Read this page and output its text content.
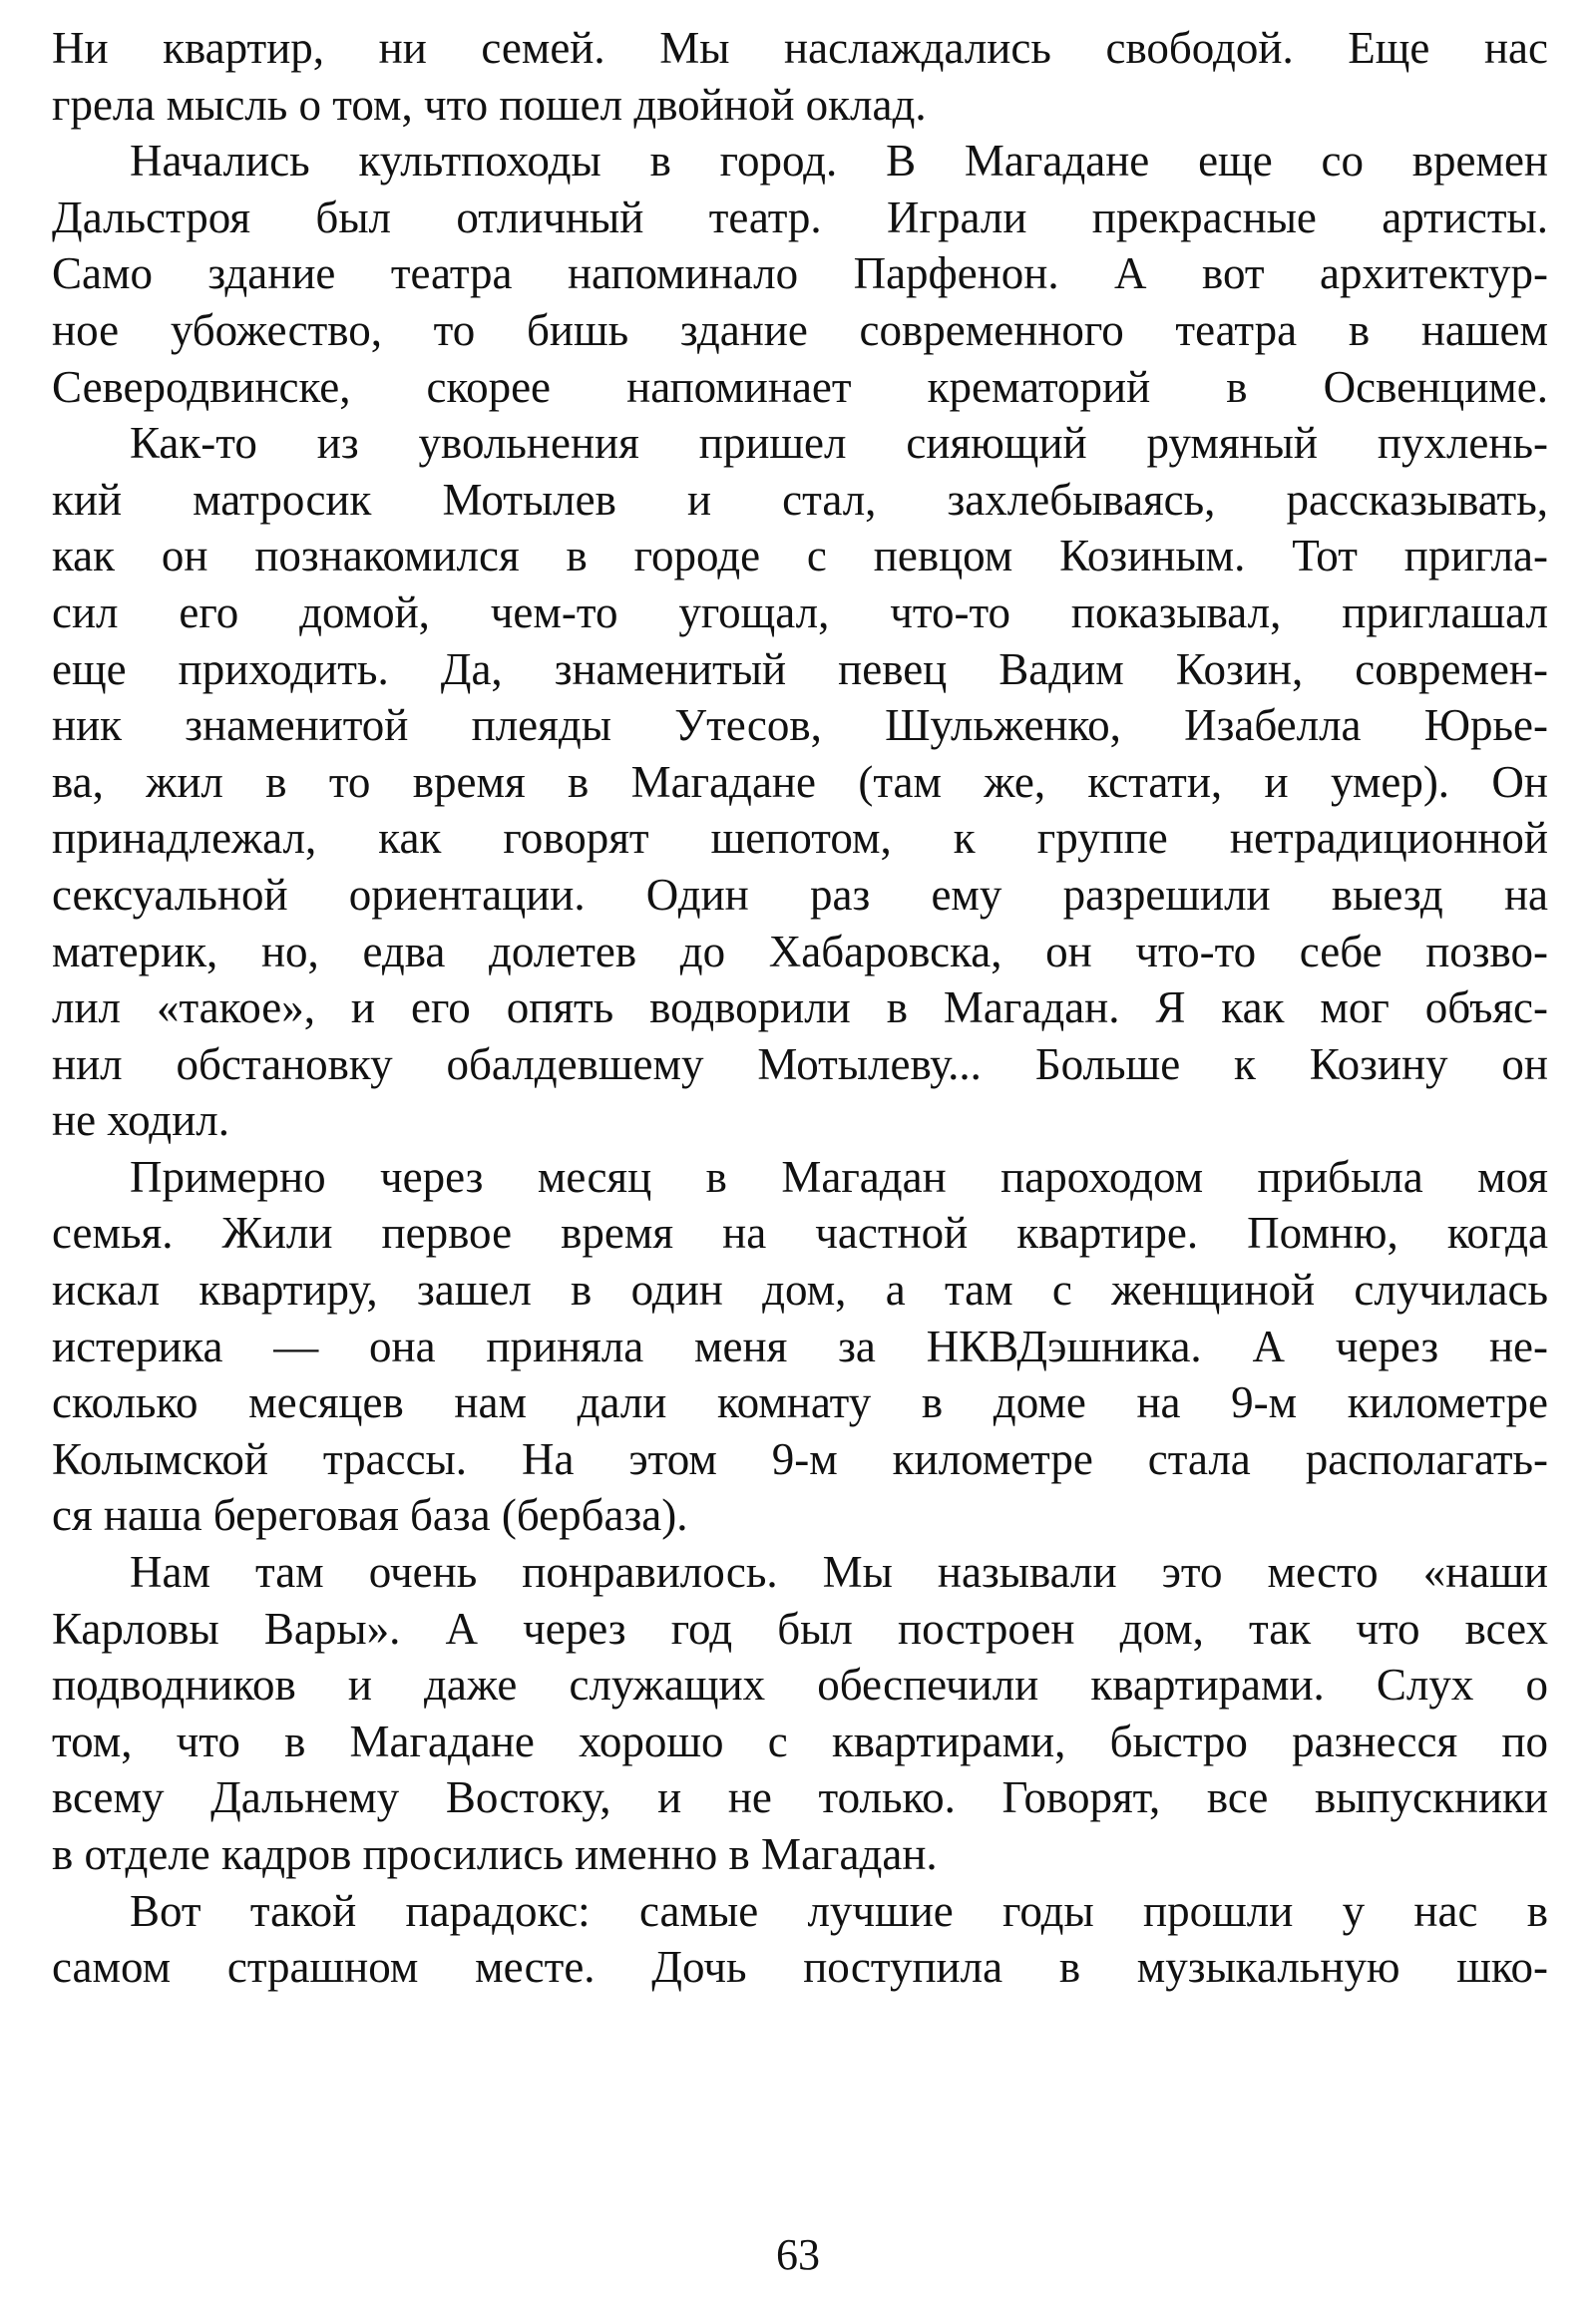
Ни квартир, ни семей. Мы наслаждались свободой. Еще нас
грела мысль о том, что пошел двойной оклад.
Начались культпоходы в город. В Магадане еще со времен
Дальстроя был отличный театр. Играли прекрасные артисты.
Само здание театра напоминало Парфенон. А вот архитектур-
ное убожество, то бишь здание современного театра в нашем
Северодвинске, скорее напоминает крематорий в Освенциме.
Как-то из увольнения пришел сияющий румяный пухлень-
кий матросик Мотылев и стал, захлебываясь, рассказывать,
как он познакомился в городе с певцом Козиным. Тот пригла-
сил его домой, чем-то угощал, что-то показывал, приглашал
еще приходить. Да, знаменитый певец Вадим Козин, современ-
ник знаменитой плеяды Утесов, Шульженко, Изабелла Юрье-
ва, жил в то время в Магадане (там же, кстати, и умер). Он
принадлежал, как говорят шепотом, к группе нетрадиционной
сексуальной ориентации. Один раз ему разрешили выезд на
материк, но, едва долетев до Хабаровска, он что-то себе позво-
лил «такое», и его опять водворили в Магадан. Я как мог объяс-
нил обстановку обалдевшему Мотылеву... Больше к Козину он
не ходил.
Примерно через месяц в Магадан пароходом прибыла моя
семья. Жили первое время на частной квартире. Помню, когда
искал квартиру, зашел в один дом, а там с женщиной случилась
истерика — она приняла меня за НКВДэшника. А через не-
сколько месяцев нам дали комнату в доме на 9-м километре
Колымской трассы. На этом 9-м километре стала располагать-
ся наша береговая база (бербаза).
Нам там очень понравилось. Мы называли это место «наши
Карловы Вары». А через год был построен дом, так что всех
подводников и даже служащих обеспечили квартирами. Слух о
том, что в Магадане хорошо с квартирами, быстро разнесся по
всему Дальнему Востоку, и не только. Говорят, все выпускники
в отделе кадров просились именно в Магадан.
Вот такой парадокс: самые лучшие годы прошли у нас в
самом страшном месте. Дочь поступила в музыкальную шко-
63
